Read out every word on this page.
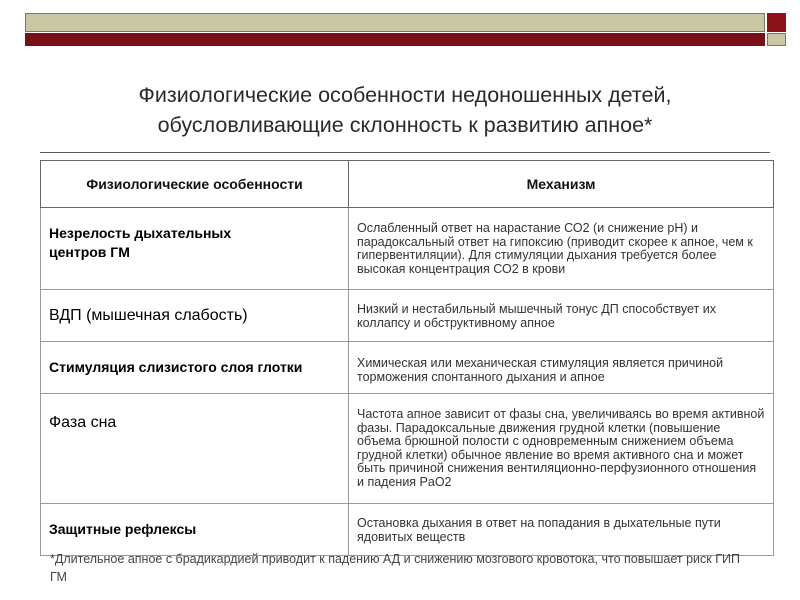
Физиологические особенности недоношенных детей,
обусловливающие склонность к развитию апное*
Физиологические особенности	Механизм
Незрелость дыхательных центров ГМ	Ослабленный ответ на нарастание СО2 (и снижение рН) и парадоксальный ответ на гипоксию (приводит скорее к апное, чем к гипервентиляции). Для стимуляции дыхания требуется более высокая концентрация СО2 в крови
ВДП (мышечная слабость)	Низкий и нестабильный мышечный тонус ДП способствует их коллапсу и обструктивному апное
Стимуляция слизистого слоя глотки	Химическая или механическая стимуляция является причиной торможения спонтанного дыхания и апное
Фаза сна	Частота апное зависит от фазы сна, увеличиваясь во время активной фазы. Парадоксальные движения грудной клетки (повышение объема брюшной полости с одновременным снижением объема грудной клетки) обычное явление во время активного сна и может быть причиной снижения вентиляционно-перфузионного отношения и падения PaO2
Защитные рефлексы	Остановка дыхания в ответ на попадания в дыхательные пути ядовитых веществ
*Длительное апное с брадикардией приводит к падению АД и снижению мозгового кровотока, что повышает риск ГИП ГМ
